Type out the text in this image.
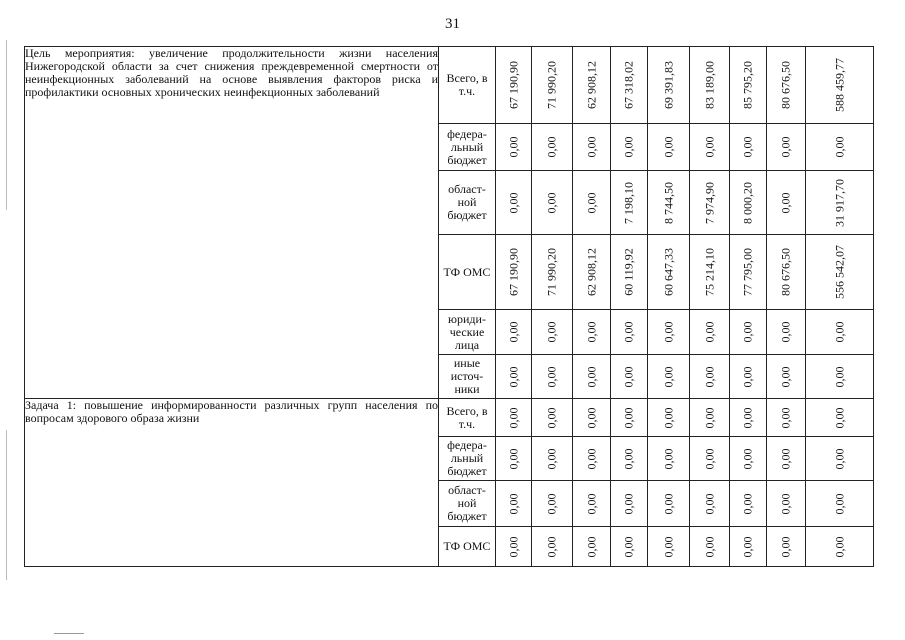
31
Цель мероприятия: увеличение продолжительности жизни населения Нижегородской области за счет снижения преждевременной смертности от неинфекционных заболеваний на основе выявления факторов риска и профилактики основных хронических неинфекционных заболеваний	Всего, в т.ч.	67 190,90	71 990,20	62 908,12	67 318,02	69 391,83	83 189,00	85 795,20	80 676,50	588 459,77

	федера-льный бюджет	0,00	0,00	0,00	0,00	0,00	0,00	0,00	0,00	0,00

	област-ной бюджет	0,00	0,00	0,00	7 198,10	8 744,50	7 974,90	8 000,20	0,00	31 917,70

	ТФ ОМС	67 190,90	71 990,20	62 908,12	60 119,92	60 647,33	75 214,10	77 795,00	80 676,50	556 542,07

	юриди-ческие лица	0,00	0,00	0,00	0,00	0,00	0,00	0,00	0,00	0,00

	иные источ-ники	0,00	0,00	0,00	0,00	0,00	0,00	0,00	0,00	0,00

Задача 1: повышение информированности различных групп населения по вопросам здорового образа жизни	Всего, в т.ч.	0,00	0,00	0,00	0,00	0,00	0,00	0,00	0,00	0,00

	федера-льный бюджет	0,00	0,00	0,00	0,00	0,00	0,00	0,00	0,00	0,00

	област-ной бюджет	0,00	0,00	0,00	0,00	0,00	0,00	0,00	0,00	0,00

	ТФ ОМС	0,00	0,00	0,00	0,00	0,00	0,00	0,00	0,00	0,00
